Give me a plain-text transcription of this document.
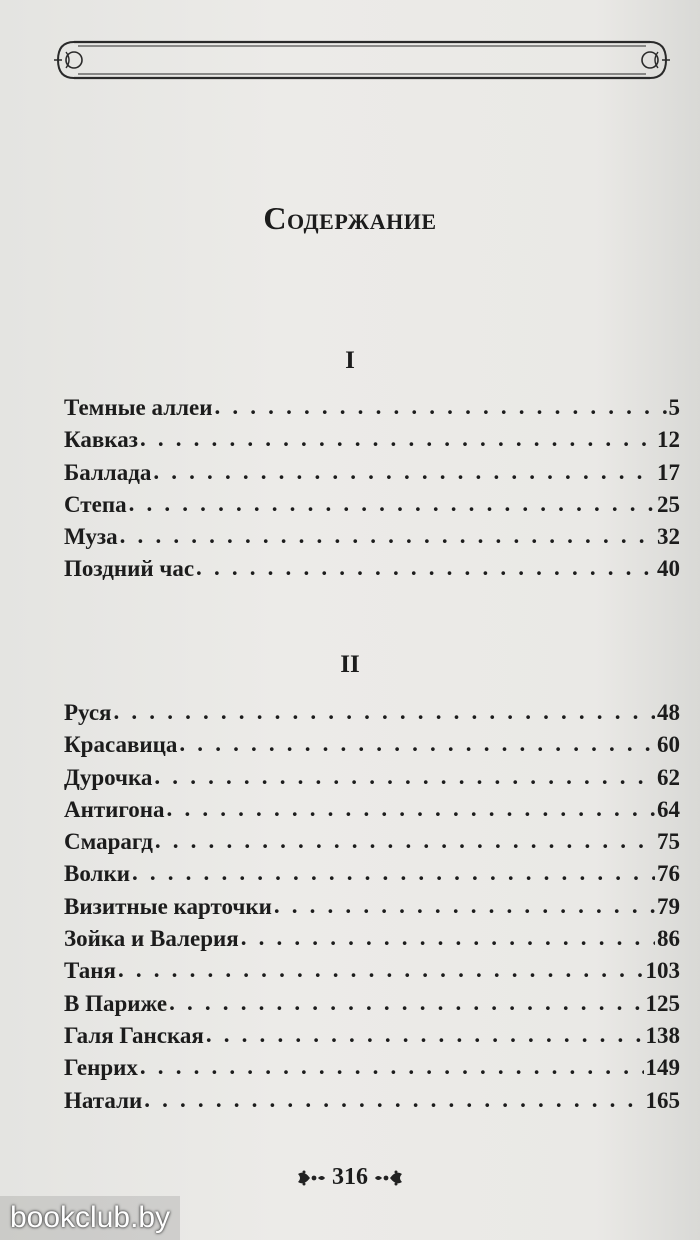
Содержание
I
Темные аллеи . . .	5
Кавказ . . .	12
Баллада . . .	17
Степа . . .	25
Муза . . .	32
Поздний час . . .	40
II
Руся . . .	48
Красавица . . .	60
Дурочка . . .	62
Антигона . . .	64
Смарагд . . .	75
Волки . . .	76
Визитные карточки . . .	79
Зойка и Валерия . . .	86
Таня . . .	103
В Париже . . .	125
Галя Ганская . . .	138
Генрих . . .	149
Натали . . .	165
316
bookclub.by
